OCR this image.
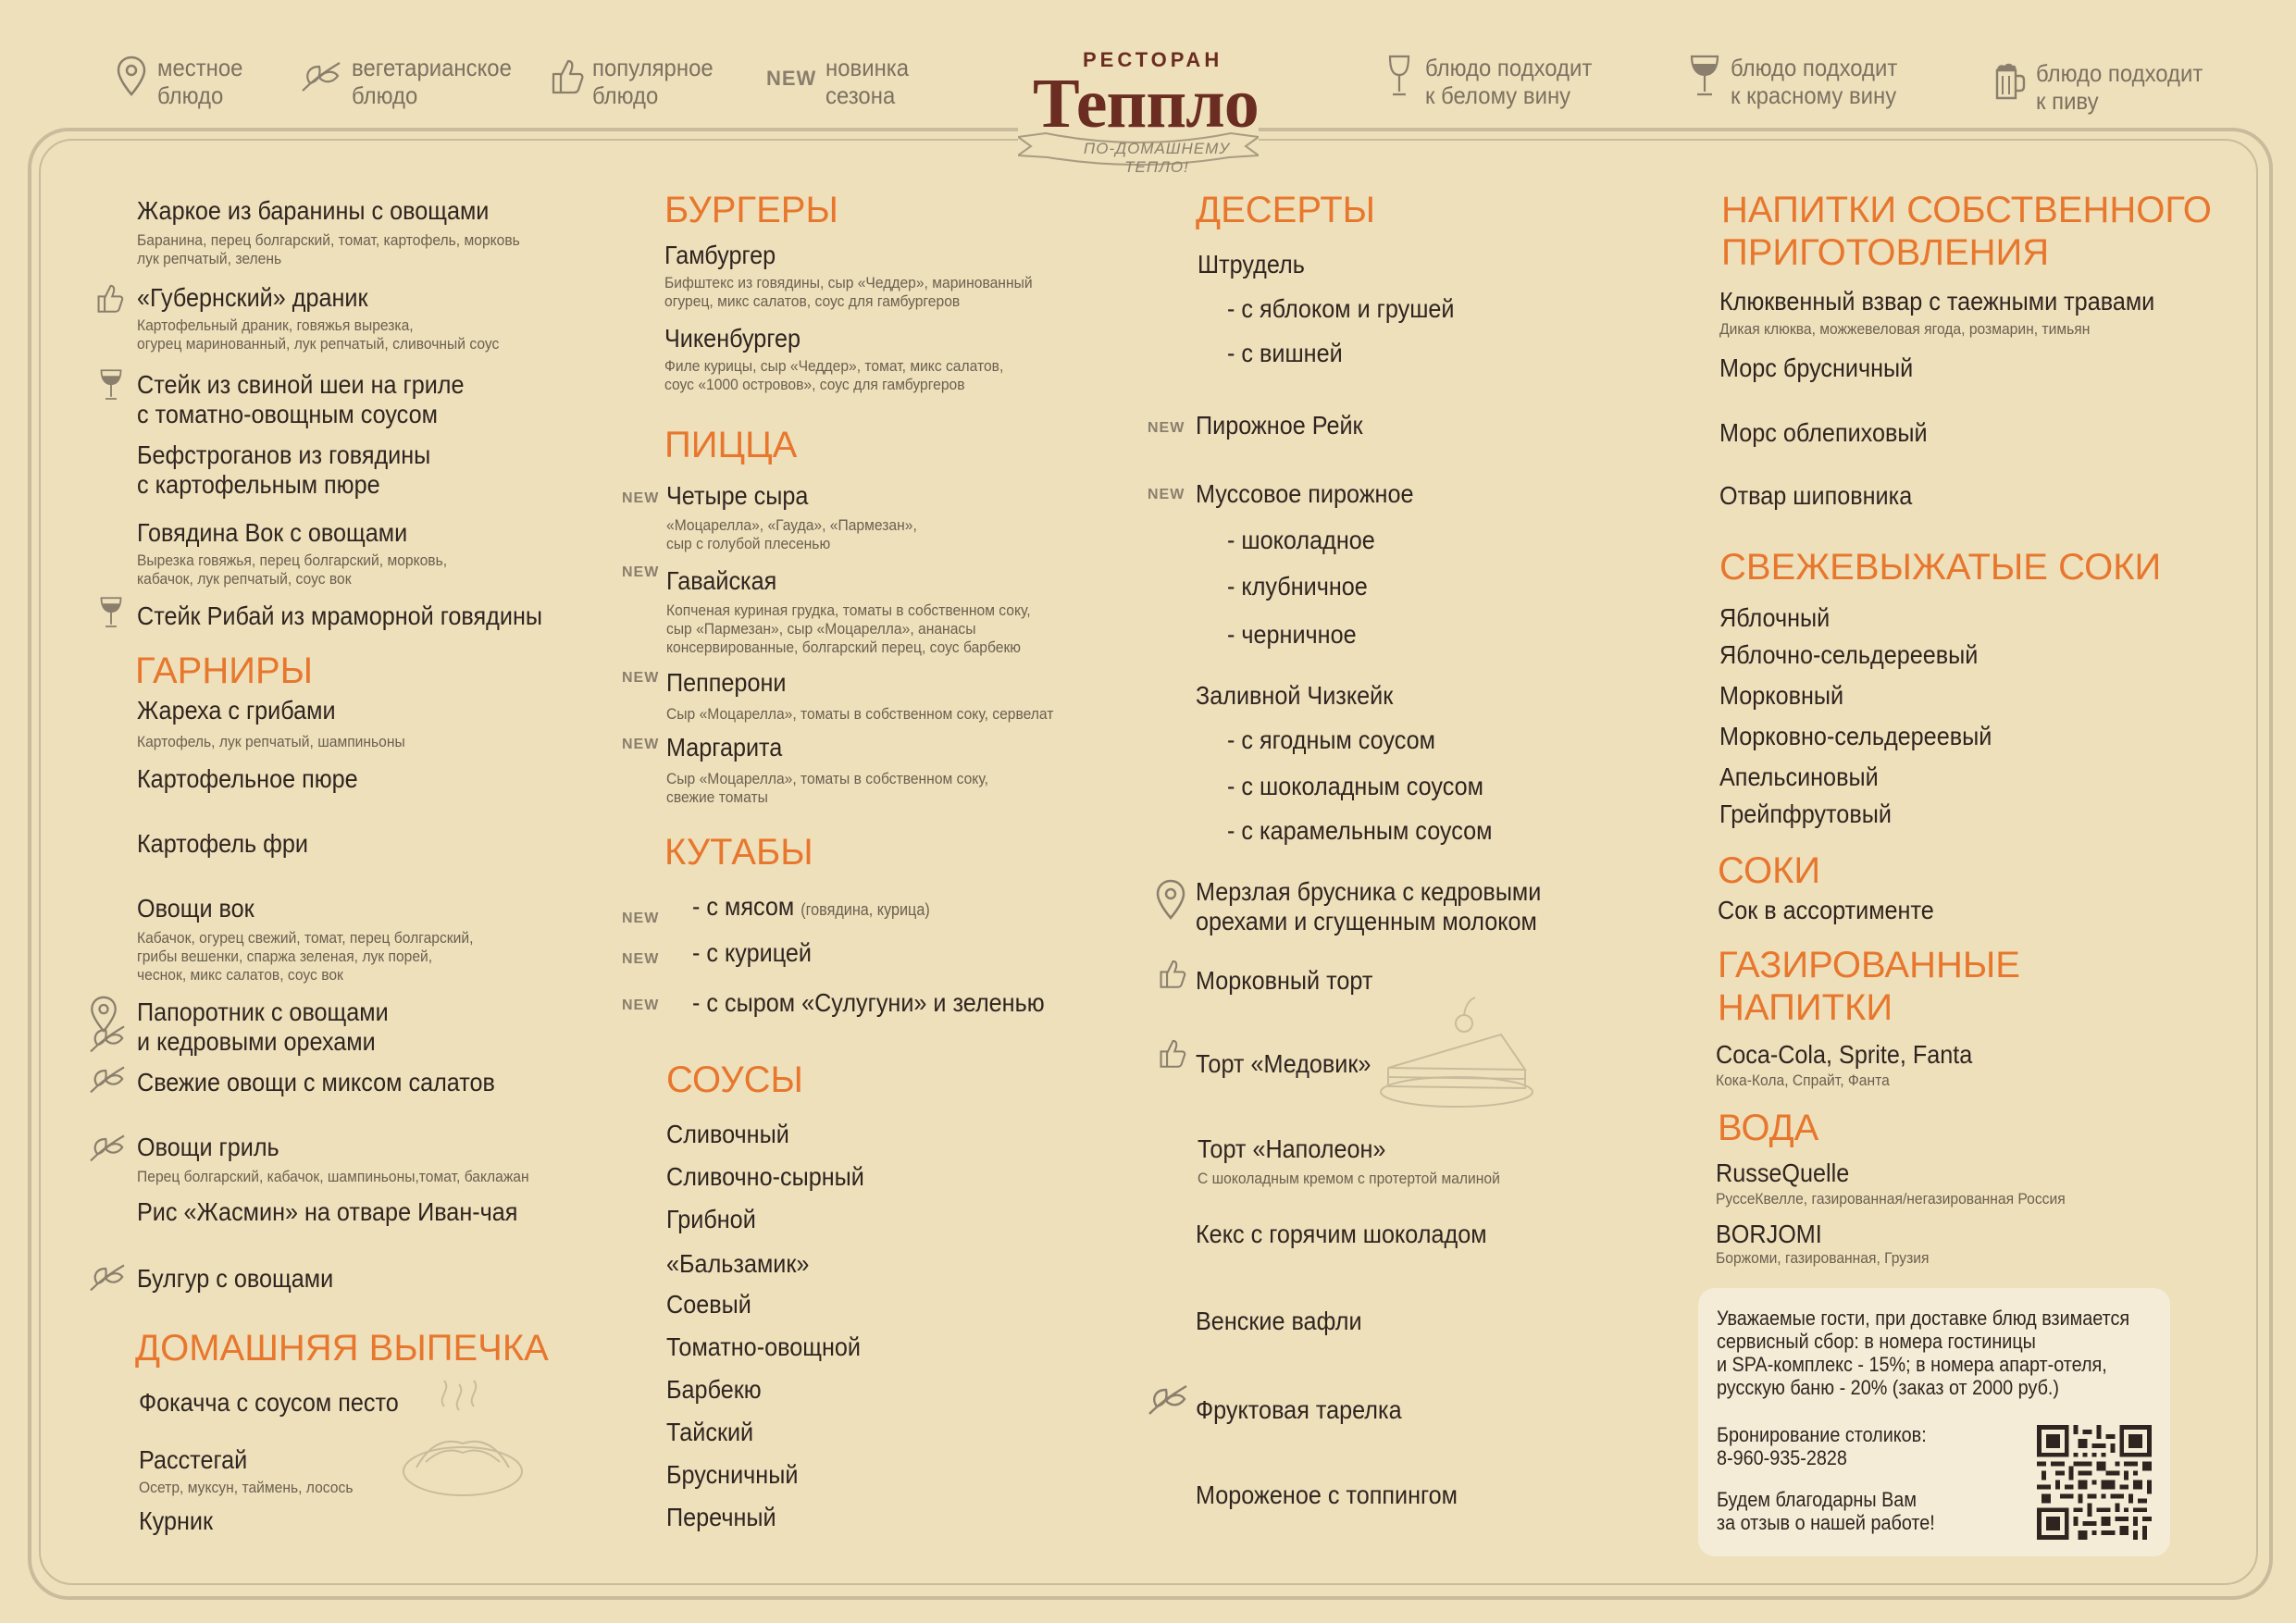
местное
блюдо
вегетарианское
блюдо
популярное
блюдо
NEW новинка
сезона
блюдо подходит
к белому вину
блюдо подходит
к красному вину
блюдо подходит
к пиву
РЕСТОРАН
Теппло
ПО-ДОМАШНЕМУ ТЕПЛО!
Жаркое из баранины с овощами
Баранина, перец болгарский, томат, картофель, морковь
лук репчатый, зелень
«Губернский» драник
Картофельный драник, говяжья вырезка,
огурец маринованный, лук репчатый, сливочный соус
Стейк из свиной шеи на гриле
с томатно-овощным соусом
Бефстроганов из говядины
с картофельным пюре
Говядина Вок с овощами
Вырезка говяжья, перец болгарский, морковь,
кабачок, лук репчатый, соус вок
Стейк Рибай из мраморной говядины
ГАРНИРЫ
Жареха с грибами
Картофель, лук репчатый, шампиньоны
Картофельное пюре
Картофель фри
Овощи вок
Кабачок, огурец свежий, томат, перец болгарский,
грибы вешенки, спаржа зеленая, лук порей,
чеснок, микс салатов, соус вок
Папоротник с овощами
и кедровыми орехами
Свежие овощи с миксом салатов
Овощи гриль
Перец болгарский, кабачок, шампиньоны,томат, баклажан
Рис «Жасмин» на отваре Иван-чая
Булгур с овощами
ДОМАШНЯЯ ВЫПЕЧКА
Фокачча с соусом песто
Расстегай
Осетр, муксун, таймень, лосось
Курник
БУРГЕРЫ
Гамбургер
Бифштекс из говядины, сыр «Чеддер», маринованный
огурец, микс салатов, соус для гамбургеров
Чикенбургер
Филе курицы, сыр «Чеддер», томат, микс салатов,
соус «1000 островов», соус для гамбургеров
ПИЦЦА
NEW Четыре сыра
«Моцарелла», «Гауда», «Пармезан»,
сыр с голубой плесенью
NEW Гавайская
Копченая куриная грудка, томаты в собственном соку,
сыр «Пармезан», сыр «Моцарелла», ананасы
консервированные, болгарский перец, соус барбекю
NEW Пепперони
Сыр «Моцарелла», томаты в собственном соку, сервелат
NEW Маргарита
Сыр «Моцарелла», томаты в собственном соку,
свежие томаты
КУТАБЫ
NEW - с мясом (говядина, курица)
NEW - с курицей
NEW - с сыром «Сулугуни» и зеленью
СОУСЫ
Сливочный
Сливочно-сырный
Грибной
«Бальзамик»
Соевый
Томатно-овощной
Барбекю
Тайский
Брусничный
Перечный
ДЕСЕРТЫ
Штрудель
- с яблоком и грушей
- с вишней
NEW Пирожное Рейк
NEW Муссовое пирожное
- шоколадное
- клубничное
- черничное
Заливной Чизкейк
- с ягодным соусом
- с шоколадным соусом
- с карамельным соусом
Мерзлая брусника с кедровыми
орехами и сгущенным молоком
Морковный торт
Торт «Медовик»
Торт «Наполеон»
С шоколадным кремом с протертой малиной
Кекс с горячим шоколадом
Венские вафли
Фруктовая тарелка
Мороженое с топпингом
НАПИТКИ СОБСТВЕННОГО
ПРИГОТОВЛЕНИЯ
Клюквенный взвар с таежными травами
Дикая клюква, можжевеловая ягода, розмарин, тимьян
Морс брусничный
Морс облепиховый
Отвар шиповника
СВЕЖЕВЫЖАТЫЕ СОКИ
Яблочный
Яблочно-сельдереевый
Морковный
Морковно-сельдереевый
Апельсиновый
Грейпфрутовый
СОКИ
Сок в ассортименте
ГАЗИРОВАННЫЕ
НАПИТКИ
Coca-Cola, Sprite, Fanta
Кока-Кола, Спрайт, Фанта
ВОДА
RusseQuelle
РуссеКвелле, газированная/негазированная Россия
BORJOMI
Боржоми, газированная, Грузия
Уважаемые гости, при доставке блюд взимается
сервисный сбор: в номера гостиницы
и SPA-комплекс - 15%; в номера апарт-отеля,
русскую баню - 20% (заказ от 2000 руб.)
Бронирование столиков:
8-960-935-2828
Будем благодарны Вам
за отзыв о нашей работе!
